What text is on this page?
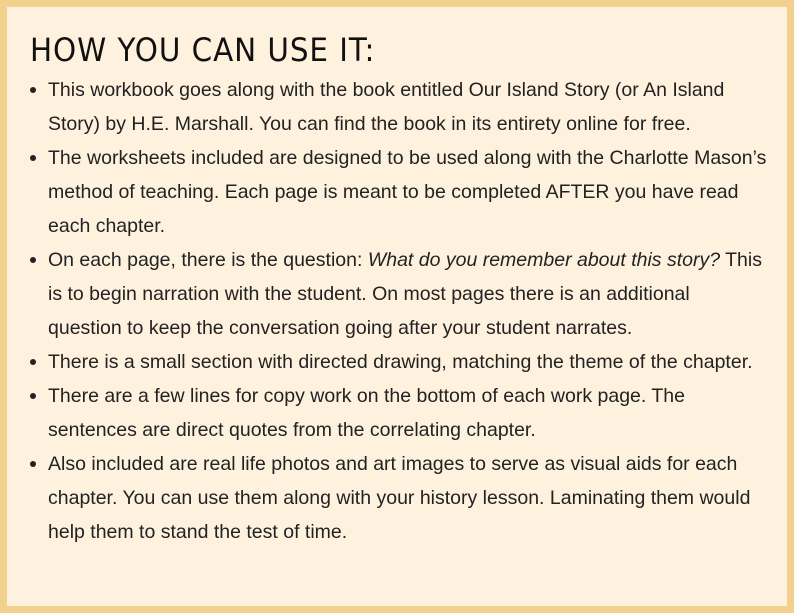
HOW YOU CAN USE IT:
This workbook goes along with the book entitled Our Island Story (or An Island Story) by H.E. Marshall. You can find the book in its entirety online for free.
The worksheets included are designed to be used along with the Charlotte Mason’s method of teaching. Each page is meant to be completed AFTER you have read each chapter.
On each page, there is the question: What do you remember about this story? This is to begin narration with the student. On most pages there is an additional question to keep the conversation going after your student narrates.
There is a small section with directed drawing, matching the theme of the chapter.
There are a few lines for copy work on the bottom of each work page. The sentences are direct quotes from the correlating chapter.
Also included are real life photos and art images to serve as visual aids for each chapter. You can use them along with your history lesson. Laminating them would help them to stand the test of time.
